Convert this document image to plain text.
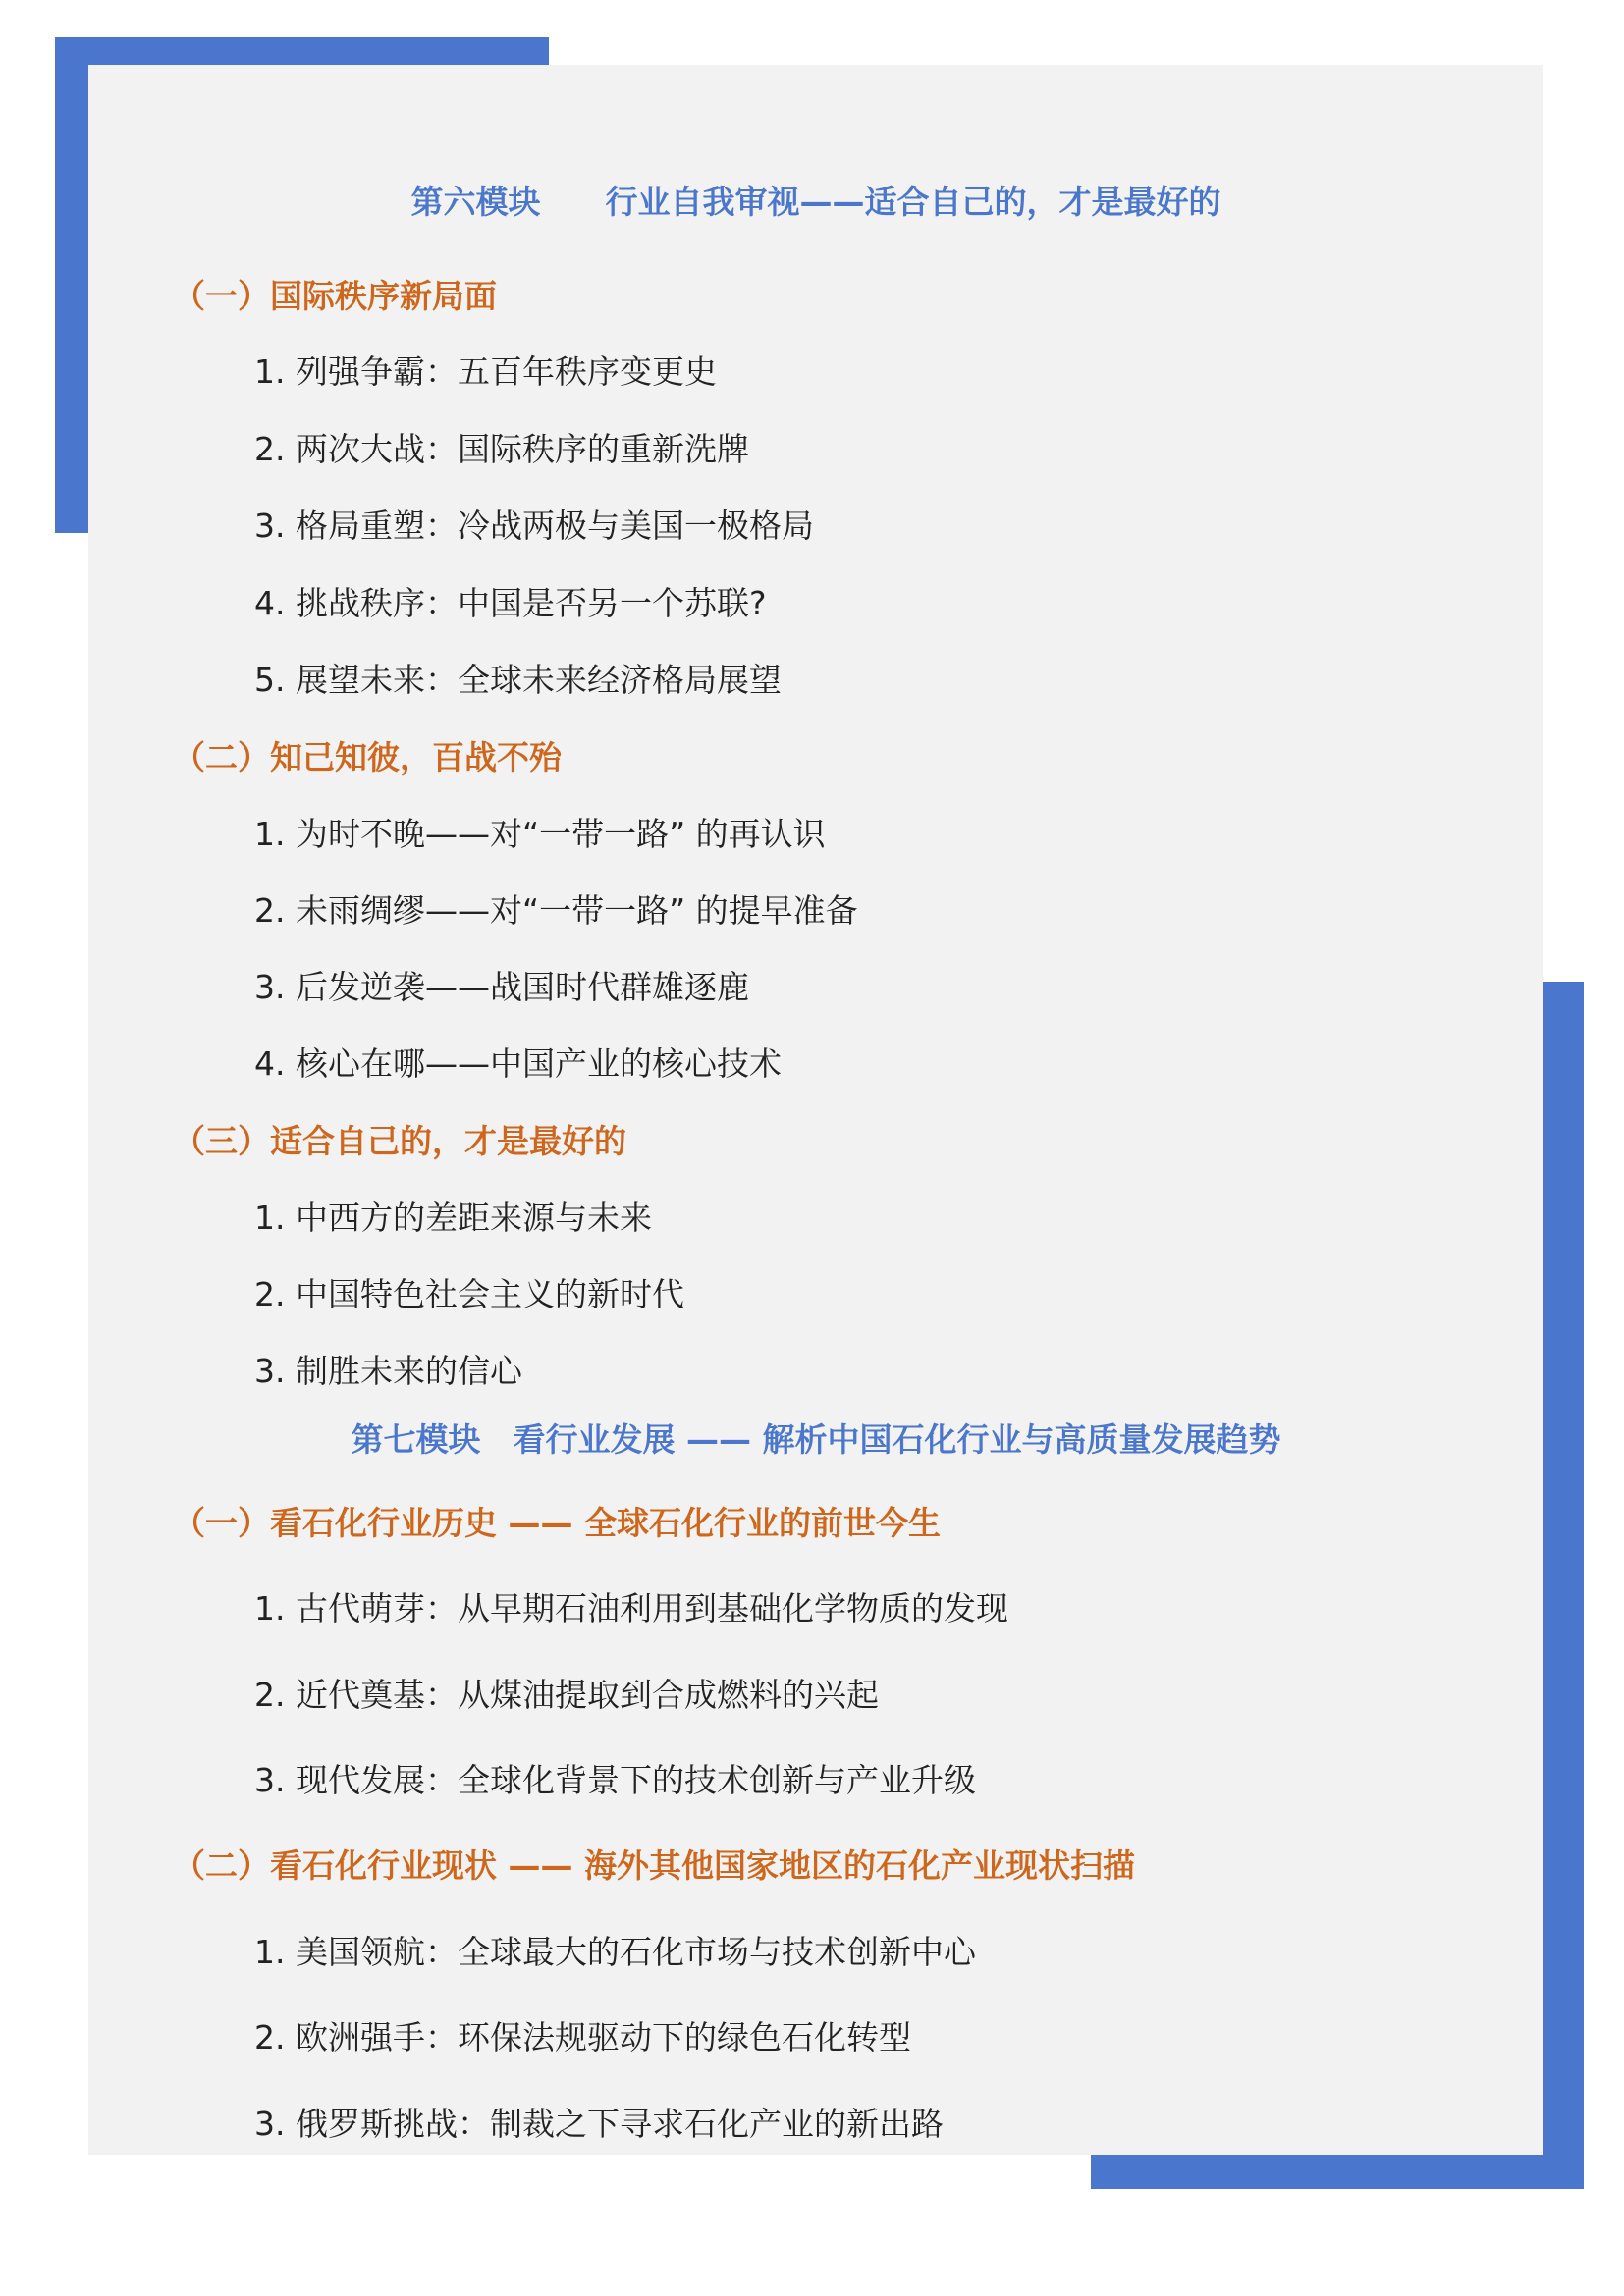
第六模块　　行业自我审视——适合自己的，才是最好的
（一）国际秩序新局面
1. 列强争霸：五百年秩序变更史
2. 两次大战：国际秩序的重新洗牌
3. 格局重塑：冷战两极与美国一极格局
4. 挑战秩序：中国是否另一个苏联?
5. 展望未来：全球未来经济格局展望
（二）知己知彼，百战不殆
1. 为时不晚——对“一带一路” 的再认识
2. 未雨绸缪——对“一带一路” 的提早准备
3. 后发逆袭——战国时代群雄逐鹿
4. 核心在哪——中国产业的核心技术
（三）适合自己的，才是最好的
1. 中西方的差距来源与未来
2. 中国特色社会主义的新时代
3. 制胜未来的信心
第七模块　看行业发展 —— 解析中国石化行业与高质量发展趋势
（一）看石化行业历史 —— 全球石化行业的前世今生
1. 古代萌芽：从早期石油利用到基础化学物质的发现
2. 近代奠基：从煤油提取到合成燃料的兴起
3. 现代发展：全球化背景下的技术创新与产业升级
（二）看石化行业现状 —— 海外其他国家地区的石化产业现状扫描
1. 美国领航：全球最大的石化市场与技术创新中心
2. 欧洲强手：环保法规驱动下的绿色石化转型
3. 俄罗斯挑战：制裁之下寻求石化产业的新出路
